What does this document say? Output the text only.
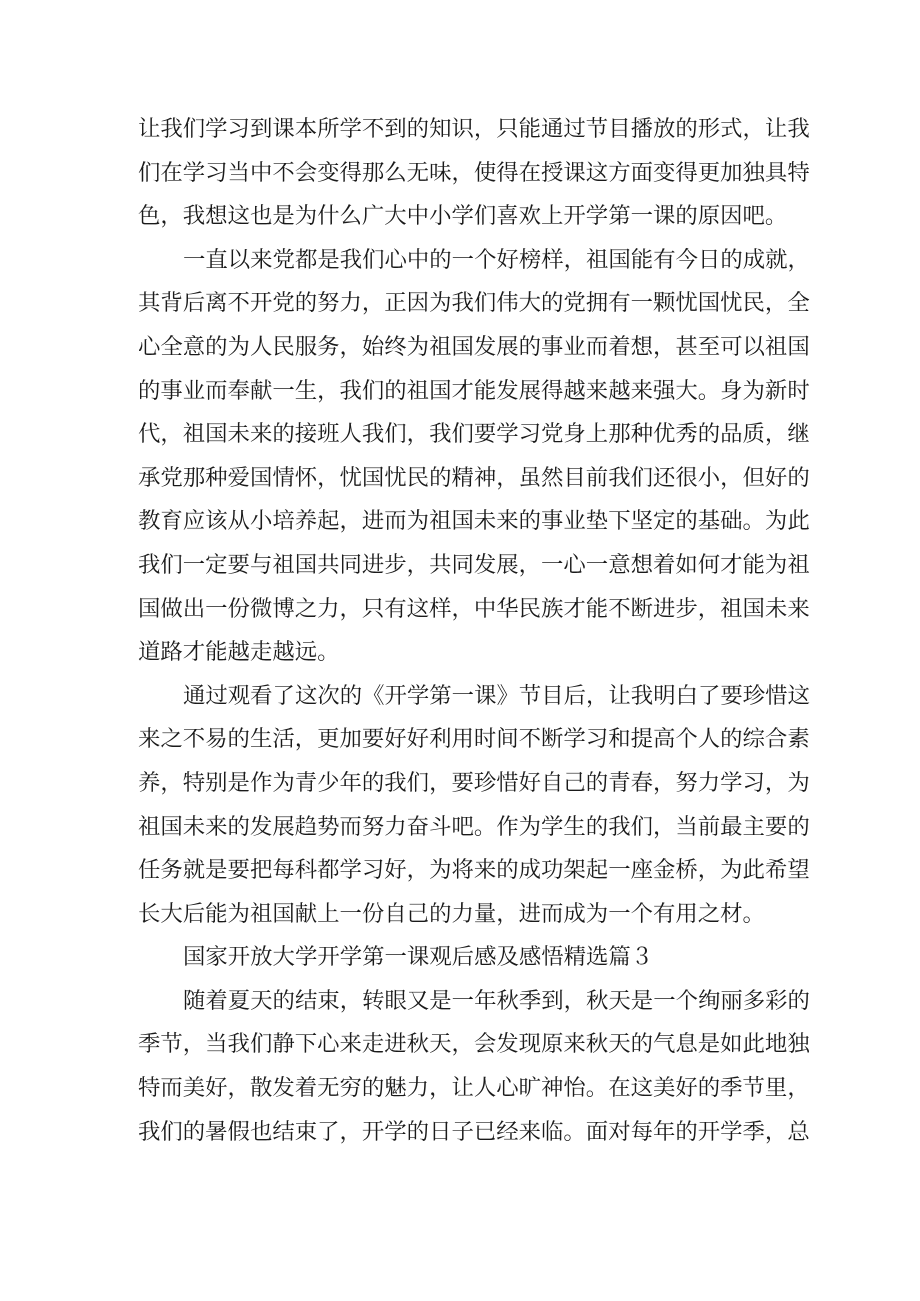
让我们学习到课本所学不到的知识，只能通过节目播放的形式，让我
们在学习当中不会变得那么无味，使得在授课这方面变得更加独具特
色，我想这也是为什么广大中小学们喜欢上开学第一课的原因吧。

一直以来党都是我们心中的一个好榜样，祖国能有今日的成就，
其背后离不开党的努力，正因为我们伟大的党拥有一颗忧国忧民，全
心全意的为人民服务，始终为祖国发展的事业而着想，甚至可以祖国
的事业而奉献一生，我们的祖国才能发展得越来越来强大。身为新时
代，祖国未来的接班人我们，我们要学习党身上那种优秀的品质，继
承党那种爱国情怀，忧国忧民的精神，虽然目前我们还很小，但好的
教育应该从小培养起，进而为祖国未来的事业垫下坚定的基础。为此
我们一定要与祖国共同进步，共同发展，一心一意想着如何才能为祖
国做出一份微博之力，只有这样，中华民族才能不断进步，祖国未来
道路才能越走越远。

通过观看了这次的《开学第一课》节目后，让我明白了要珍惜这
来之不易的生活，更加要好好利用时间不断学习和提高个人的综合素
养，特别是作为青少年的我们，要珍惜好自己的青春，努力学习，为
祖国未来的发展趋势而努力奋斗吧。作为学生的我们，当前最主要的
任务就是要把每科都学习好，为将来的成功架起一座金桥，为此希望
长大后能为祖国献上一份自己的力量，进而成为一个有用之材。

国家开放大学开学第一课观后感及感悟精选篇３

随着夏天的结束，转眼又是一年秋季到，秋天是一个绚丽多彩的
季节，当我们静下心来走进秋天，会发现原来秋天的气息是如此地独
特而美好，散发着无穷的魅力，让人心旷神怡。在这美好的季节里，
我们的暑假也结束了，开学的日子已经来临。面对每年的开学季，总
